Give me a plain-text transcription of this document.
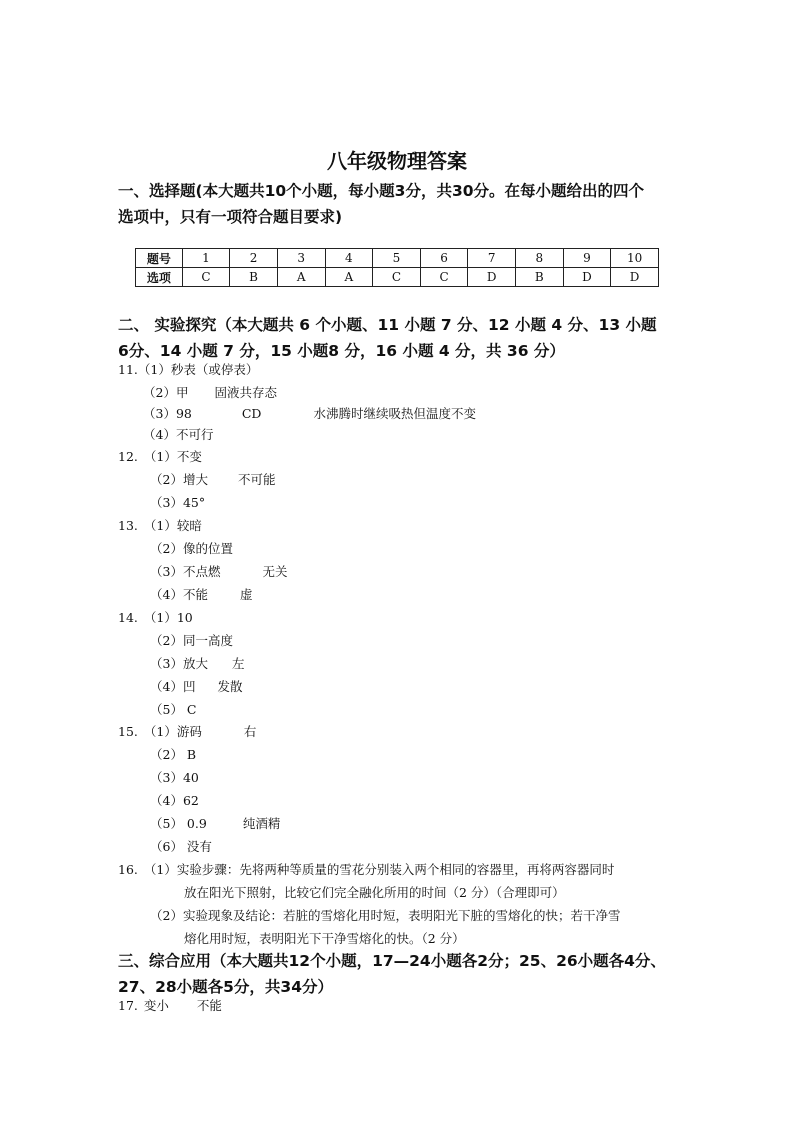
八年级物理答案
一、选择题(本大题共10个小题，每小题3分，共30分。在每小题给出的四个
选项中，只有一项符合题目要求)
题号	1	2	3	4	5	6	7	8	9	10
选项	C	B	A	A	C	C	D	B	D	D
二、 实验探究（本大题共 6 个小题、11 小题 7 分、12 小题 4 分、13 小题
6分、14 小题 7 分，15 小题8 分，16 小题 4 分，共 36 分）
11.（1）秒表（或停表）
（2）甲 固液共存态
（3）98	CD	水沸腾时继续吸热但温度不变
（4）不可行
12. （1）不变
（2）增大 不可能
（3）45°
13. （1）较暗
（2）像的位置
（3）不点燃	无关
（4）不能	虚
14. （1）10
（2）同一高度
（3）放大 左
（4）凹 发散
（5） C
15. （1）游码	右
（2） B
（3）40
（4）62
（5） 0.9	纯酒精
（6） 没有
16. （1）实验步骤：先将两种等质量的雪花分别装入两个相同的容器里，再将两容器同时
放在阳光下照射，比较它们完全融化所用的时间（2 分）（合理即可）
（2）实验现象及结论：若脏的雪熔化用时短，表明阳光下脏的雪熔化的快；若干净雪
熔化用时短，表明阳光下干净雪熔化的快。（2 分）
三、综合应用（本大题共12个小题，17—24小题各2分；25、26小题各4分、
27、28小题各5分，共34分）
17. 变小 不能
